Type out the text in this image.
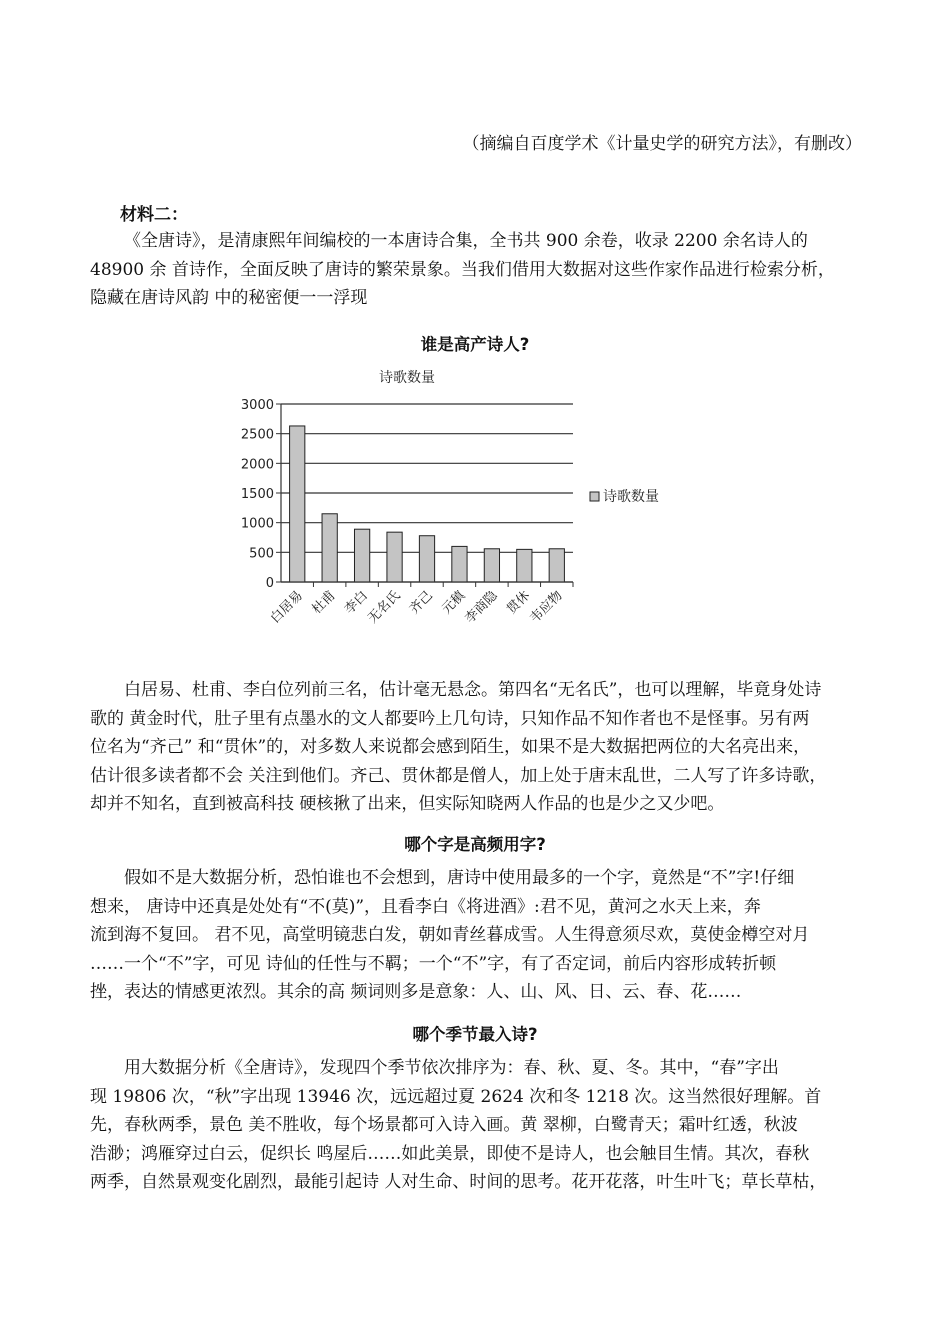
（摘编自百度学术《计量史学的研究方法》，有删改）
材料二：

《全唐诗》，是清康熙年间编校的一本唐诗合集，全书共 900 余卷，收录 2200 余名诗人的

48900 余 首诗作，全面反映了唐诗的繁荣景象。当我们借用大数据对这些作家作品进行检索分析，

隐藏在唐诗风韵 中的秘密便一一浮现

谁是高产诗人?
诗歌数量
0
500
1000
1500
2000
2500
3000
白居易 杜甫 李白
无名氏 齐己 元稹
李商隐 贯休
韦应物
诗歌数量

白居易、杜甫、李白位列前三名，估计毫无悬念。第四名“无名氏”，也可以理解，毕竟身处诗

歌的 黄金时代，肚子里有点墨水的文人都要吟上几句诗，只知作品不知作者也不是怪事。另有两

位名为“齐己” 和“贯休”的，对多数人来说都会感到陌生，如果不是大数据把两位的大名亮出来，

估计很多读者都不会 关注到他们。齐己、贯休都是僧人，加上处于唐末乱世，二人写了许多诗歌，

却并不知名，直到被高科技 硬核揪了出来，但实际知晓两人作品的也是少之又少吧。

哪个字是高频用字?

假如不是大数据分析，恐怕谁也不会想到，唐诗中使用最多的一个字，竟然是“不”字!仔细

想来， 唐诗中还真是处处有“不(莫)”，且看李白《将进酒》:君不见，黄河之水天上来，奔

流到海不复回。 君不见，高堂明镜悲白发，朝如青丝暮成雪。人生得意须尽欢，莫使金樽空对月

……一个“不”字，可见 诗仙的任性与不羁；一个“不”字，有了否定词，前后内容形成转折顿

挫，表达的情感更浓烈。其余的高 频词则多是意象：人、山、风、日、云、春、花……

哪个季节最入诗?

用大数据分析《全唐诗》，发现四个季节依次排序为：春、秋、夏、冬。其中，“春”字出

现 19806 次，“秋”字出现 13946 次，远远超过夏 2624 次和冬 1218 次。这当然很好理解。首

先，春秋两季，景色 美不胜收，每个场景都可入诗入画。黄 翠柳，白鹭青天；霜叶红透，秋波

浩渺；鸿雁穿过白云，促织长 鸣屋后……如此美景，即使不是诗人，也会触目生情。其次，春秋

两季，自然景观变化剧烈，最能引起诗 人对生命、时间的思考。花开花落，叶生叶飞；草长草枯，
